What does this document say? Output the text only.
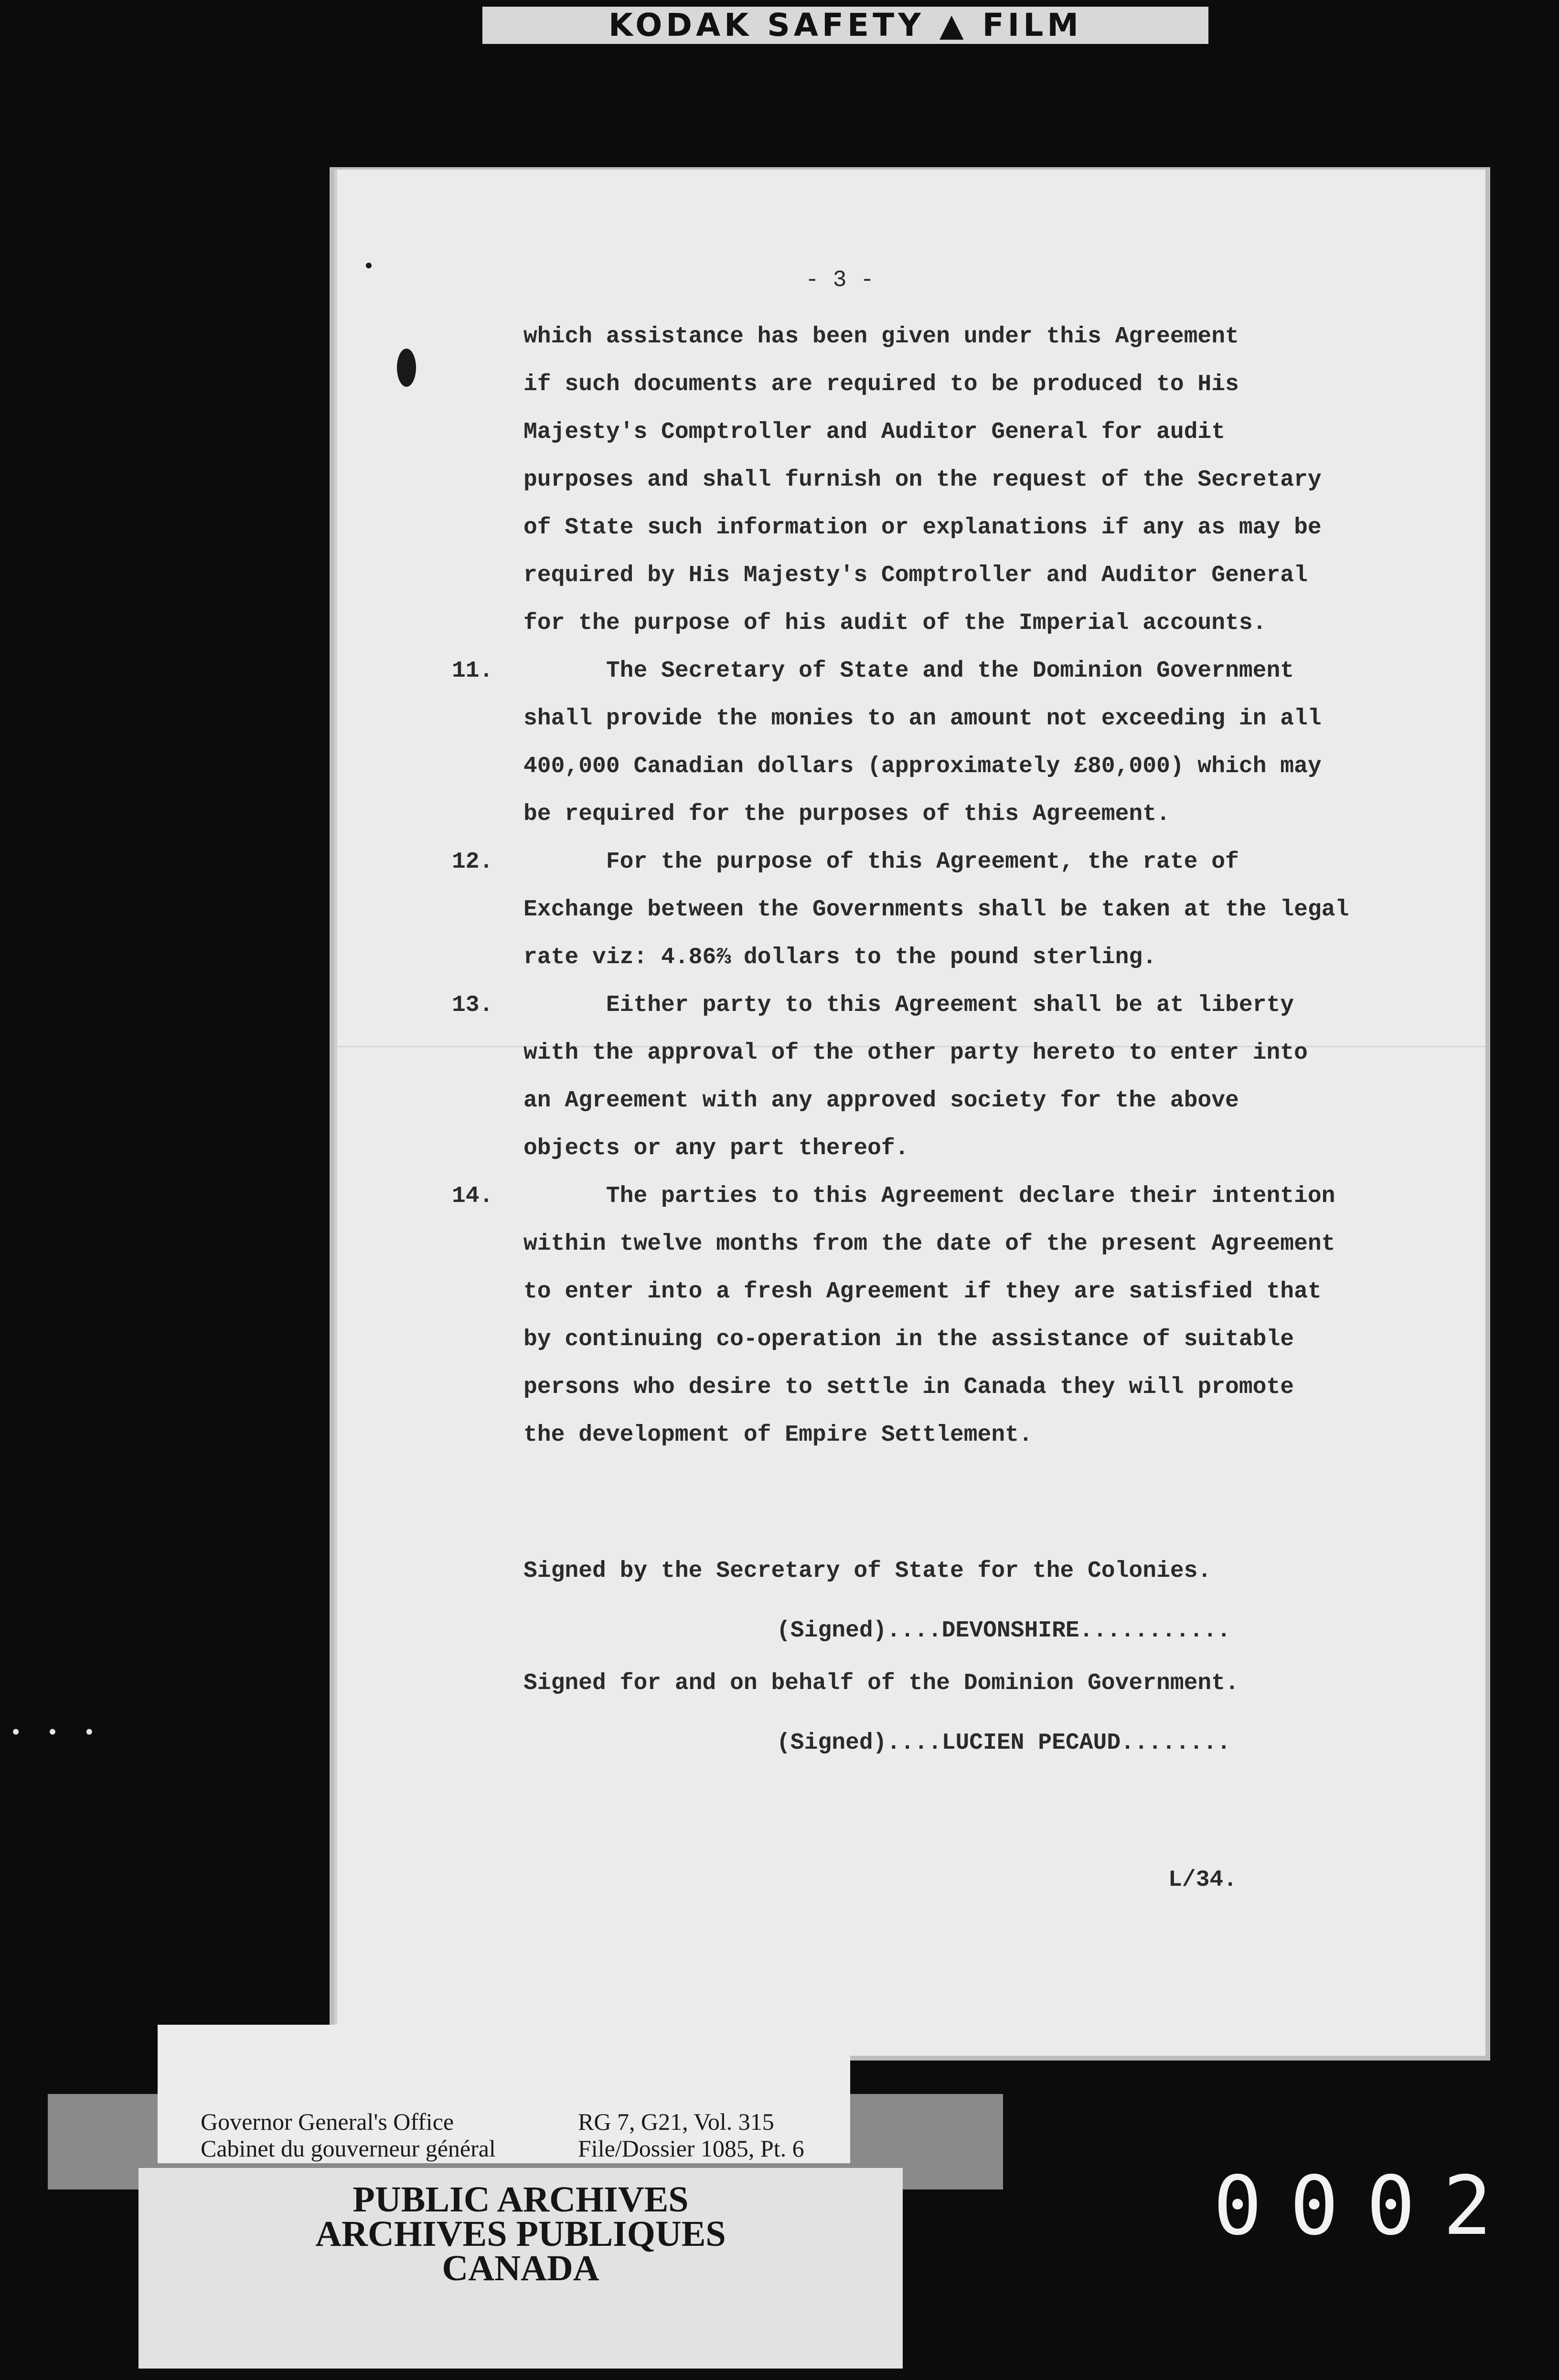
KODAK SAFETY ▲ FILM
• • •
- 3 -
which assistance has been given under this Agreement
if such documents are required to be produced to His
Majesty's Comptroller and Auditor General for audit
purposes and shall furnish on the request of the Secretary
of State such information or explanations if any as may be
required by His Majesty's Comptroller and Auditor General
for the purpose of his audit of the Imperial accounts.
11. The Secretary of State and the Dominion Government
shall provide the monies to an amount not exceeding in all
400,000 Canadian dollars (approximately £80,000) which may
be required for the purposes of this Agreement.
12. For the purpose of this Agreement, the rate of
Exchange between the Governments shall be taken at the legal
rate viz: 4.86⅔ dollars to the pound sterling.
13. Either party to this Agreement shall be at liberty
with the approval of the other party hereto to enter into
an Agreement with any approved society for the above
objects or any part thereof.
14. The parties to this Agreement declare their intention
within twelve months from the date of the present Agreement
to enter into a fresh Agreement if they are satisfied that
by continuing co-operation in the assistance of suitable
persons who desire to settle in Canada they will promote
the development of Empire Settlement.
Signed by the Secretary of State for the Colonies.
(Signed)....DEVONSHIRE...........
Signed for and on behalf of the Dominion Government.
(Signed)....LUCIEN PECAUD........
L/34.
Governor General's Office
Cabinet du gouverneur général
RG 7, G21, Vol. 315
File/Dossier 1085, Pt. 6
PUBLIC ARCHIVES
ARCHIVES PUBLIQUES
CANADA
0002
